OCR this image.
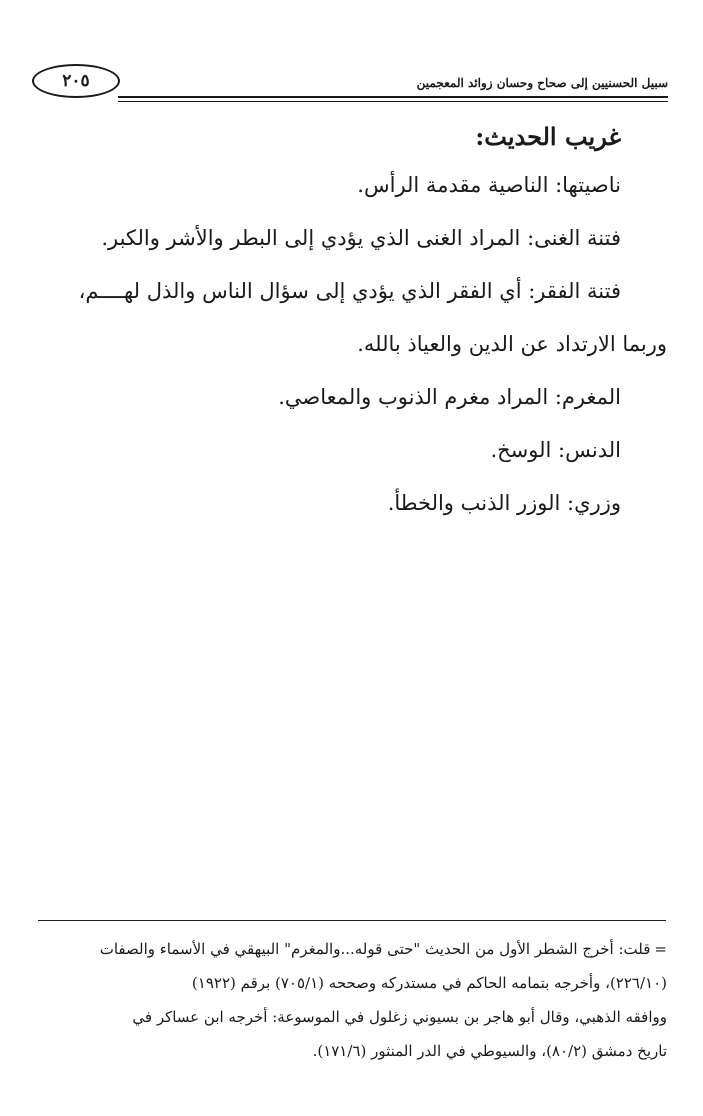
سبيل الحسنيين إلى صحاح وحسان زوائد المعجمين
٢٠٥

غريب الحديث:

ناصيتها: الناصية مقدمة الرأس.

فتنة الغنى: المراد الغنى الذي يؤدي إلى البطر والأشر والكبر.

فتنة الفقر: أي الفقر الذي يؤدي إلى سؤال الناس والذل لهــــم،

وربما الارتداد عن الدين والعياذ بالله.

المغرم: المراد مغرم الذنوب والمعاصي.

الدنس: الوسخ.

وزري: الوزر الذنب والخطأ.

=قلت: أخرج الشطر الأول من الحديث "حتى قوله...والمغرم" البيهقي في الأسماء والصفات

(٢٢٦/١٠)، وأخرجه بتمامه الحاكم في مستدركه وصححه (٧٠٥/١) برقم (١٩٢٢)

ووافقه الذهبي، وقال أبو هاجر بن بسيوني زغلول في الموسوعة: أخرجه ابن عساكر في

تاريخ دمشق (٨٠/٢)، والسيوطي في الدر المنثور (١٧١/٦).
